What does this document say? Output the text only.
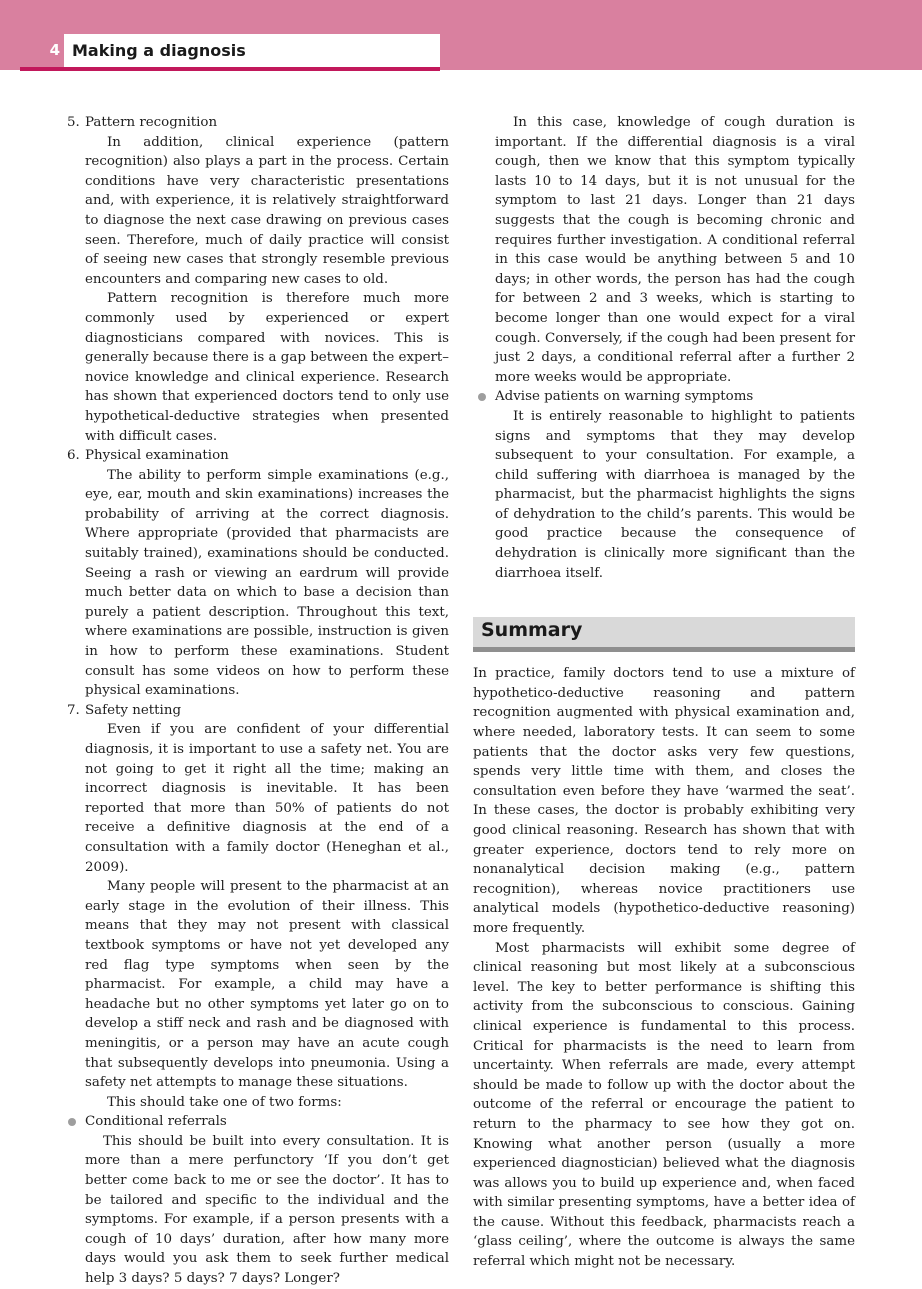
4 Making a diagnosis
5. Pattern recognition

In addition, clinical experience (pattern recognition) also plays a part in the process. Certain conditions have very characteristic presentations and, with experience, it is relatively straightforward to diagnose the next case drawing on previous cases seen. Therefore, much of daily practice will consist of seeing new cases that strongly resemble previous encounters and comparing new cases to old.

Pattern recognition is therefore much more commonly used by experienced or expert diagnosticians compared with novices. This is generally because there is a gap between the expert–novice knowledge and clinical experience. Research has shown that experienced doctors tend to only use hypothetical-deductive strategies when presented with difficult cases.

6. Physical examination

The ability to perform simple examinations (e.g., eye, ear, mouth and skin examinations) increases the probability of arriving at the correct diagnosis. Where appropriate (provided that pharmacists are suitably trained), examinations should be conducted. Seeing a rash or viewing an eardrum will provide much better data on which to base a decision than purely a patient description. Throughout this text, where examinations are possible, instruction is given in how to perform these examinations. Student consult has some videos on how to perform these physical examinations.

7. Safety netting

Even if you are confident of your differential diagnosis, it is important to use a safety net. You are not going to get it right all the time; making an incorrect diagnosis is inevitable. It has been reported that more than 50% of patients do not receive a definitive diagnosis at the end of a consultation with a family doctor (Heneghan et al., 2009).

Many people will present to the pharmacist at an early stage in the evolution of their illness. This means that they may not present with classical textbook symptoms or have not yet developed any red flag type symptoms when seen by the pharmacist. For example, a child may have a headache but no other symptoms yet later go on to develop a stiff neck and rash and be diagnosed with meningitis, or a person may have an acute cough that subsequently develops into pneumonia. Using a safety net attempts to manage these situations.

This should take one of two forms:

Conditional referrals

This should be built into every consultation. It is more than a mere perfunctory ‘If you don’t get better come back to me or see the doctor’. It has to be tailored and specific to the individual and the symptoms. For example, if a person presents with a cough of 10 days’ duration, after how many more days would you ask them to seek further medical help 3 days? 5 days? 7 days? Longer?

In this case, knowledge of cough duration is important. If the differential diagnosis is a viral cough, then we know that this symptom typically lasts 10 to 14 days, but it is not unusual for the symptom to last 21 days. Longer than 21 days suggests that the cough is becoming chronic and requires further investigation. A conditional referral in this case would be anything between 5 and 10 days; in other words, the person has had the cough for between 2 and 3 weeks, which is starting to become longer than one would expect for a viral cough. Conversely, if the cough had been present for just 2 days, a conditional referral after a further 2 more weeks would be appropriate.

Advise patients on warning symptoms

It is entirely reasonable to highlight to patients signs and symptoms that they may develop subsequent to your consultation. For example, a child suffering with diarrhoea is managed by the pharmacist, but the pharmacist highlights the signs of dehydration to the child’s parents. This would be good practice because the consequence of dehydration is clinically more significant than the diarrhoea itself.

Summary

In practice, family doctors tend to use a mixture of hypothetico-deductive reasoning and pattern recognition augmented with physical examination and, where needed, laboratory tests. It can seem to some patients that the doctor asks very few questions, spends very little time with them, and closes the consultation even before they have ‘warmed the seat’. In these cases, the doctor is probably exhibiting very good clinical reasoning. Research has shown that with greater experience, doctors tend to rely more on nonanalytical decision making (e.g., pattern recognition), whereas novice practitioners use analytical models (hypothetico-deductive reasoning) more frequently.

Most pharmacists will exhibit some degree of clinical reasoning but most likely at a subconscious level. The key to better performance is shifting this activity from the subconscious to conscious. Gaining clinical experience is fundamental to this process. Critical for pharmacists is the need to learn from uncertainty. When referrals are made, every attempt should be made to follow up with the doctor about the outcome of the referral or encourage the patient to return to the pharmacy to see how they got on. Knowing what another person (usually a more experienced diagnostician) believed what the diagnosis was allows you to build up experience and, when faced with similar presenting symptoms, have a better idea of the cause. Without this feedback, pharmacists reach a ‘glass ceiling’, where the outcome is always the same referral which might not be necessary.
